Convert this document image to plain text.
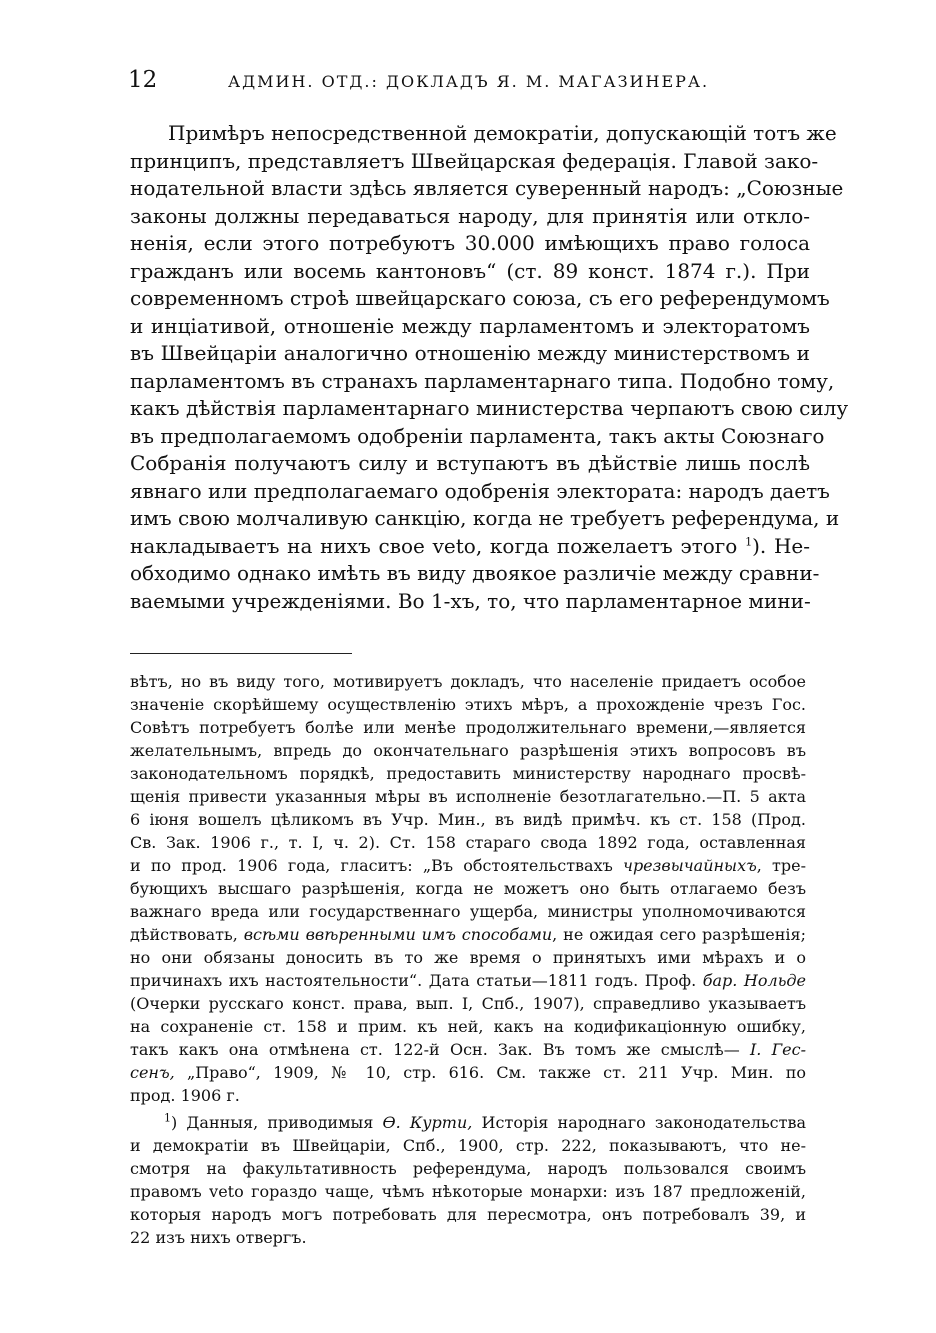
12	АДМИН. ОТД.: ДОКЛАДЪ Я. М. МАГАЗИНЕРА.
Примѣръ непосредственной демократіи, допускающій тотъ же
принципъ, представляетъ Швейцарская федерація. Главой зако-
нодательной власти здѣсь является суверенный народъ: „Союзные
законы должны передаваться народу, для принятія или откло-
ненія, если этого потребуютъ 30.000 имѣющихъ право голоса
гражданъ или восемь кантоновъ“ (ст. 89 конст. 1874 г.). При
современномъ строѣ швейцарскаго союза, съ его референдумомъ
и инціативой, отношеніе между парламентомъ и электоратомъ
въ Швейцаріи аналогично отношенію между министерствомъ и
парламентомъ въ странахъ парламентарнаго типа. Подобно тому,
какъ дѣйствія парламентарнаго министерства черпаютъ свою силу
въ предполагаемомъ одобреніи парламента, такъ акты Союзнаго
Собранія получаютъ силу и вступаютъ въ дѣйствіе лишь послѣ
явнаго или предполагаемаго одобренія электората: народъ даетъ
имъ свою молчаливую санкцію, когда не требуетъ референдума, и
накладываетъ на нихъ свое veto, когда пожелаетъ этого $^1$). Не-
обходимо однако имѣть въ виду двоякое различіе между сравни-
ваемыми учрежденіями. Во 1-хъ, то, что парламентарное мини-
вѣтъ, но въ виду того, мотивируетъ докладъ, что населеніе придаетъ особое
значеніе скорѣйшему осуществленію этихъ мѣръ, а прохожденіе чрезъ Гос.
Совѣтъ потребуетъ болѣе или менѣе продолжительнаго времени,—является
желательнымъ, впредь до окончательнаго разрѣшенія этихъ вопросовъ въ
законодательномъ порядкѣ, предоставить министерству народнаго просвѣ-
щенія привести указанныя мѣры въ исполненіе безотлагательно.—П. 5 акта
6 іюня вошелъ цѣликомъ въ Учр. Мин., въ видѣ примѣч. къ ст. 158 (Прод.
Св. Зак. 1906 г., т. I, ч. 2). Ст. 158 стараго свода 1892 года, оставленная
и по прод. 1906 года, гласитъ: „Въ обстоятельствахъ чрезвычайныхъ, тре-
бующихъ высшаго разрѣшенія, когда не можетъ оно быть отлагаемо безъ
важнаго вреда или государственнаго ущерба, министры уполномочиваются
дѣйствовать, всѣми ввѣренными имъ способами, не ожидая сего разрѣшенія;
но они обязаны доносить въ то же время о принятыхъ ими мѣрахъ и о
причинахъ ихъ настоятельности“. Дата статьи—1811 годъ. Проф. бар. Нольде
(Очерки русскаго конст. права, вып. I, Спб., 1907), справедливо указываетъ
на сохраненіе ст. 158 и прим. къ ней, какъ на кодификаціонную ошибку,
такъ какъ она отмѣнена ст. 122-й Осн. Зак. Въ томъ же смыслѣ— I. Гес-
сенъ, „Право“, 1909, № 10, стр. 616. См. также ст. 211 Учр. Мин. по
прод. 1906 г.
$^1$) Данныя, приводимыя Ѳ. Курти, Исторія народнаго законодательства
и демократіи въ Швейцаріи, Спб., 1900, стр. 222, показываютъ, что не-
смотря на факультативность референдума, народъ пользовался своимъ
правомъ veto гораздо чаще, чѣмъ нѣкоторые монархи: изъ 187 предложеній,
которыя народъ могъ потребовать для пересмотра, онъ потребовалъ 39, и
22 изъ нихъ отвергъ.
